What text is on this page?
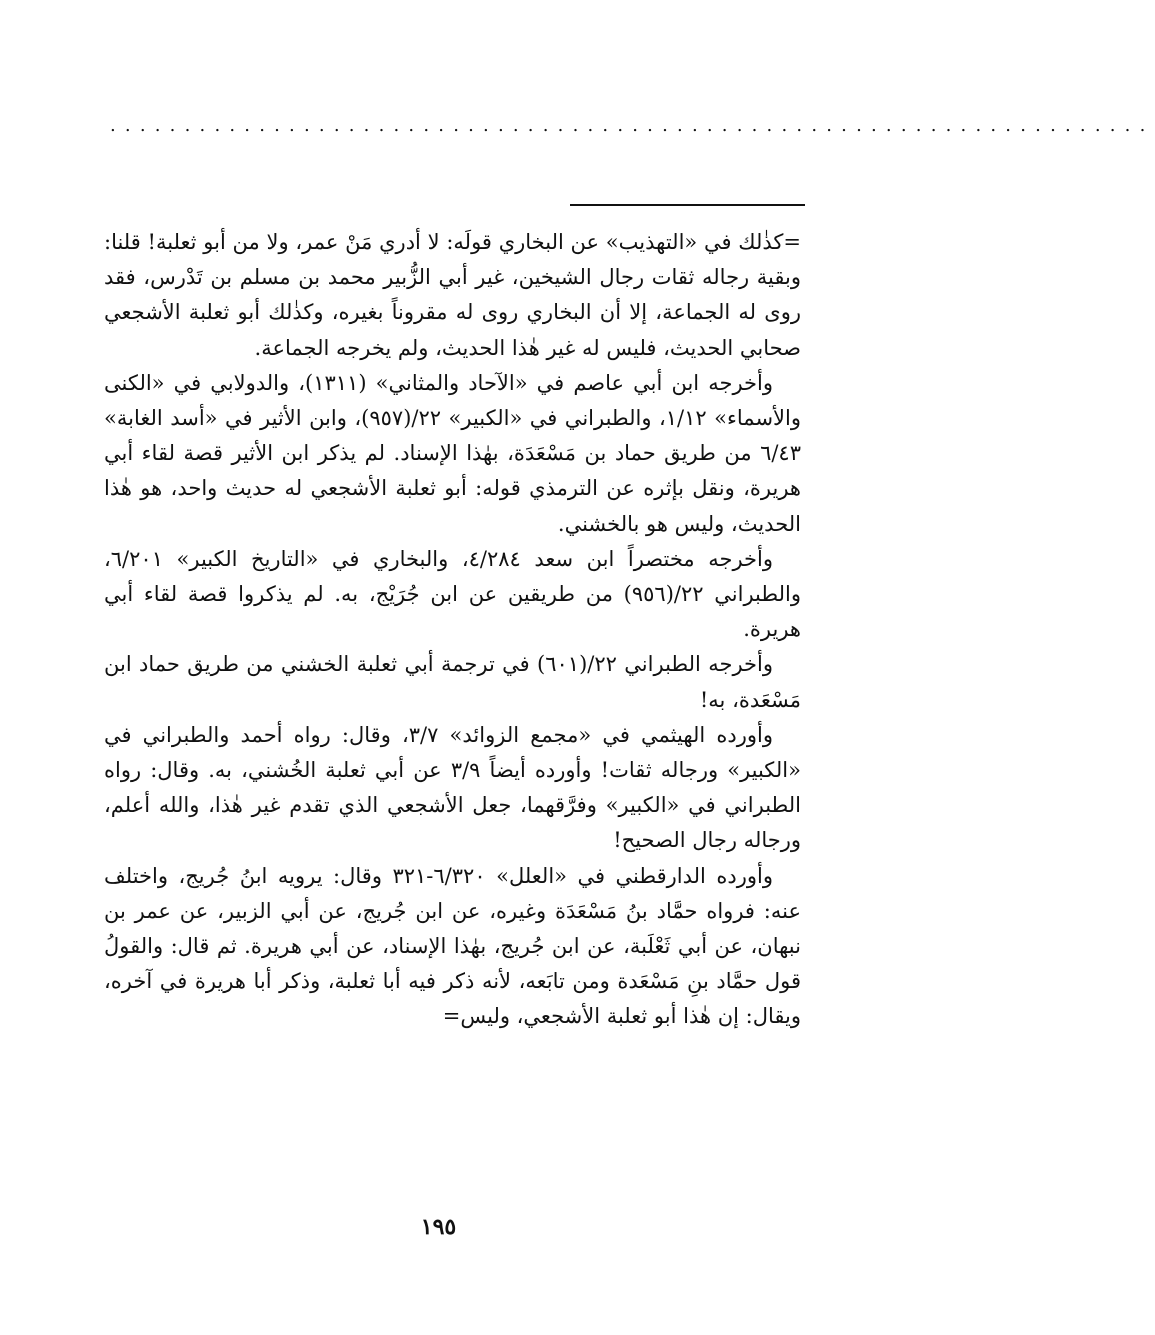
......................................................................

=كذٰلك في «التهذيب» عن البخاري قولَه: لا أدري مَنْ عمر، ولا من أبو ثعلبة! قلنا: وبقية رجاله ثقات رجال الشيخين، غير أبي الزُّبير محمد بن مسلم بن تَدْرس، فقد روى له الجماعة، إلا أن البخاري روى له مقروناً بغيره، وكذٰلك أبو ثعلبة الأشجعي صحابي الحديث، فليس له غير هٰذا الحديث، ولم يخرجه الجماعة.

وأخرجه ابن أبي عاصم في «الآحاد والمثاني» (١٣١١)، والدولابي في «الكنى والأسماء» ١/١٢، والطبراني في «الكبير» ٢٢/(٩٥٧)، وابن الأثير في «أسد الغابة» ٦/٤٣ من طريق حماد بن مَسْعَدَة، بهٰذا الإسناد. لم يذكر ابن الأثير قصة لقاء أبي هريرة، ونقل بإثره عن الترمذي قوله: أبو ثعلبة الأشجعي له حديث واحد، هو هٰذا الحديث، وليس هو بالخشني.

وأخرجه مختصراً ابن سعد ٤/٢٨٤، والبخاري في «التاريخ الكبير» ٦/٢٠١، والطبراني ٢٢/(٩٥٦) من طريقين عن ابن جُرَيْج، به. لم يذكروا قصة لقاء أبي هريرة.

وأخرجه الطبراني ٢٢/(٦٠١) في ترجمة أبي ثعلبة الخشني من طريق حماد ابن مَسْعَدة، به!

وأورده الهيثمي في «مجمع الزوائد» ٣/٧، وقال: رواه أحمد والطبراني في «الكبير» ورجاله ثقات! وأورده أيضاً ٣/٩ عن أبي ثعلبة الخُشني، به. وقال: رواه الطبراني في «الكبير» وفرَّقهما، جعل الأشجعي الذي تقدم غير هٰذا، والله أعلم، ورجاله رجال الصحيح!

وأورده الدارقطني في «العلل» ٦/٣٢٠-٣٢١ وقال: يرويه ابنُ جُريج، واختلف عنه: فرواه حمَّاد بنُ مَسْعَدَة وغيره، عن ابن جُريج، عن أبي الزبير، عن عمر بن نبهان، عن أبي ثَعْلَبة، عن ابن جُريج، بهٰذا الإسناد، عن أبي هريرة. ثم قال: والقولُ قول حمَّاد بنِ مَسْعَدة ومن تابَعه، لأنه ذكر فيه أبا ثعلبة، وذكر أبا هريرة في آخره، ويقال: إن هٰذا أبو ثعلبة الأشجعي، وليس=

١٩٥
